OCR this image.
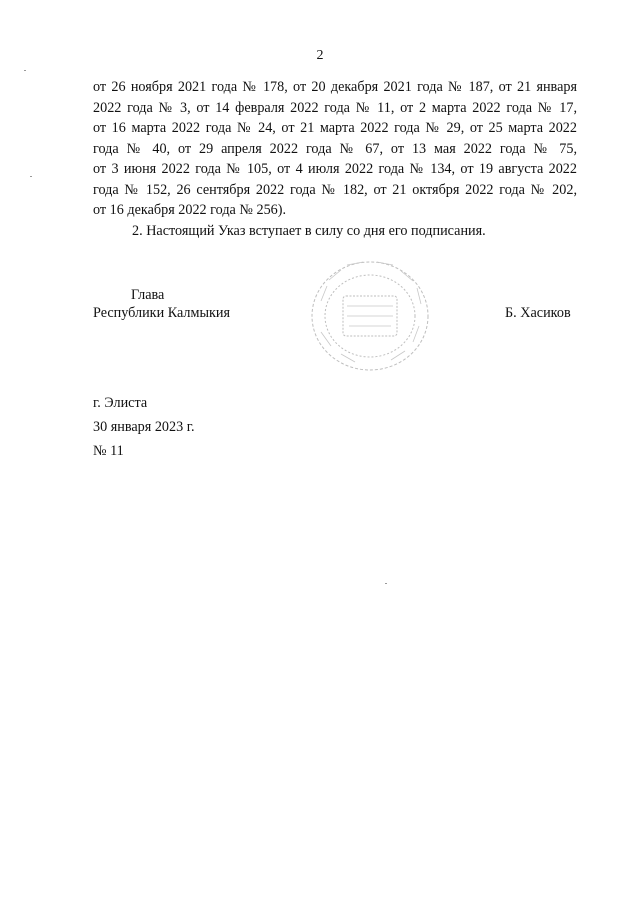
2

от 26 ноября 2021 года № 178, от 20 декабря 2021 года № 187, от 21 января
2022 года № 3, от 14 февраля 2022 года № 11, от 2 марта 2022 года № 17,
от 16 марта 2022 года № 24, от 21 марта 2022 года № 29, от 25 марта 2022
года № 40, от 29 апреля 2022 года № 67, от 13 мая 2022 года № 75,
от 3 июня 2022 года № 105, от 4 июля 2022 года № 134, от 19 августа 2022
года № 152, 26 сентября 2022 года № 182, от 21 октября 2022 года № 202,
от 16 декабря 2022 года № 256).

2. Настоящий Указ вступает в силу со дня его подписания.

Глава
Республики Калмыкия	Б. Хасиков
г. Элиста
30 января 2023 г.
№ 11
